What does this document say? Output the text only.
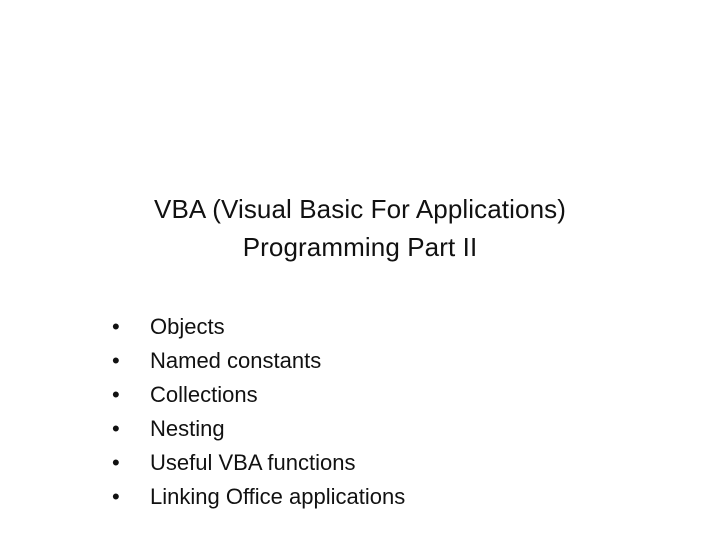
VBA (Visual Basic For Applications)
Programming Part II
•	Objects
•	Named constants
•	Collections
•	Nesting
•	Useful VBA functions
•	Linking Office applications
